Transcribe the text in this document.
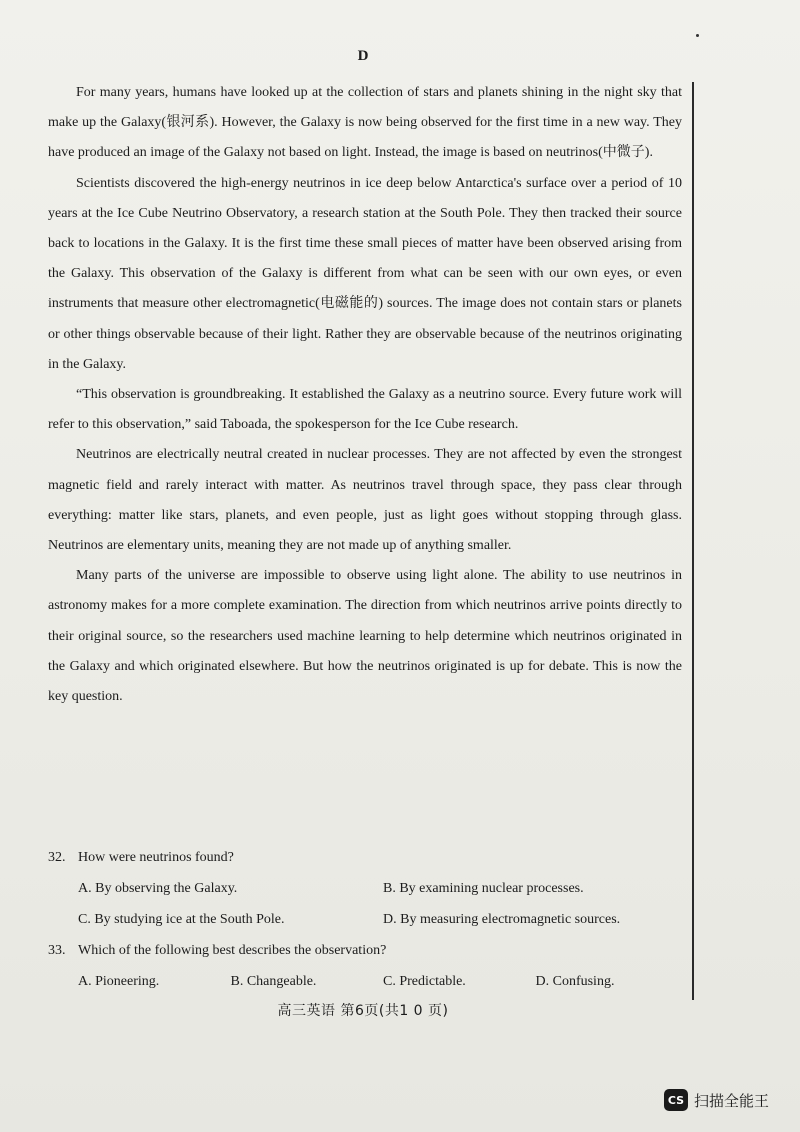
D

For many years, humans have looked up at the collection of stars and planets shining in the night sky that make up the Galaxy(银河系). However, the Galaxy is now being observed for the first time in a new way. They have produced an image of the Galaxy not based on light. Instead, the image is based on neutrinos(中微子).

Scientists discovered the high-energy neutrinos in ice deep below Antarctica's surface over a period of 10 years at the Ice Cube Neutrino Observatory, a research station at the South Pole. They then tracked their source back to locations in the Galaxy. It is the first time these small pieces of matter have been observed arising from the Galaxy. This observation of the Galaxy is different from what can be seen with our own eyes, or even instruments that measure other electromagnetic(电磁能的) sources. The image does not contain stars or planets or other things observable because of their light. Rather they are observable because of the neutrinos originating in the Galaxy.

“This observation is groundbreaking. It established the Galaxy as a neutrino source. Every future work will refer to this observation,” said Taboada, the spokesperson for the Ice Cube research.

Neutrinos are electrically neutral created in nuclear processes. They are not affected by even the strongest magnetic field and rarely interact with matter. As neutrinos travel through space, they pass clear through everything: matter like stars, planets, and even people, just as light goes without stopping through glass. Neutrinos are elementary units, meaning they are not made up of anything smaller.

Many parts of the universe are impossible to observe using light alone. The ability to use neutrinos in astronomy makes for a more complete examination. The direction from which neutrinos arrive points directly to their original source, so the researchers used machine learning to help determine which neutrinos originated in the Galaxy and which originated elsewhere. But how the neutrinos originated is up for debate. This is now the key question.

32. How were neutrinos found?
A. By observing the Galaxy.	B. By examining nuclear processes.
C. By studying ice at the South Pole.	D. By measuring electromagnetic sources.
33. Which of the following best describes the observation?
A. Pioneering.	B. Changeable.	C. Predictable.	D. Confusing.
高三英语 第6页(共1 0 页)
CS 扫描全能王
